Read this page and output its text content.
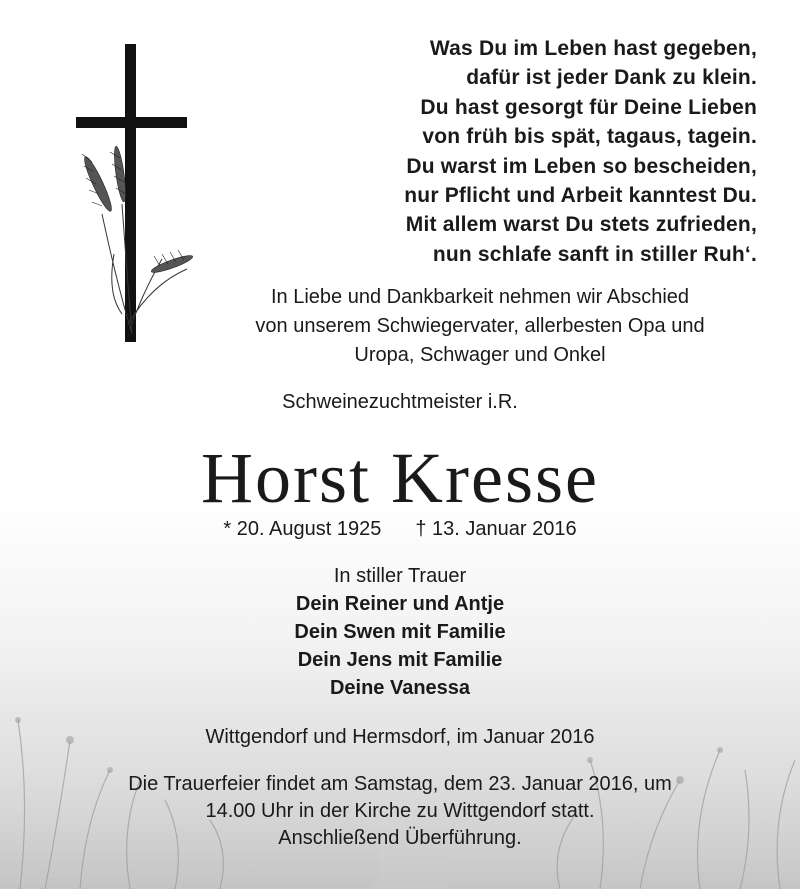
Was Du im Leben hast gegeben,
dafür ist jeder Dank zu klein.
Du hast gesorgt für Deine Lieben
von früh bis spät, tagaus, tagein.
Du warst im Leben so bescheiden,
nur Pflicht und Arbeit kanntest Du.
Mit allem warst Du stets zufrieden,
nun schlafe sanft in stiller Ruh‘.
In Liebe und Dankbarkeit nehmen wir Abschied
von unserem Schwiegervater, allerbesten Opa und
Uropa, Schwager und Onkel
Schweinezuchtmeister i.R.
Horst Kresse
* 20. August 1925 † 13. Januar 2016
In stiller Trauer
Dein Reiner und Antje
Dein Swen mit Familie
Dein Jens mit Familie
Deine Vanessa
Wittgendorf und Hermsdorf, im Januar 2016
Die Trauerfeier findet am Samstag, dem 23. Januar 2016, um
14.00 Uhr in der Kirche zu Wittgendorf statt.
Anschließend Überführung.
